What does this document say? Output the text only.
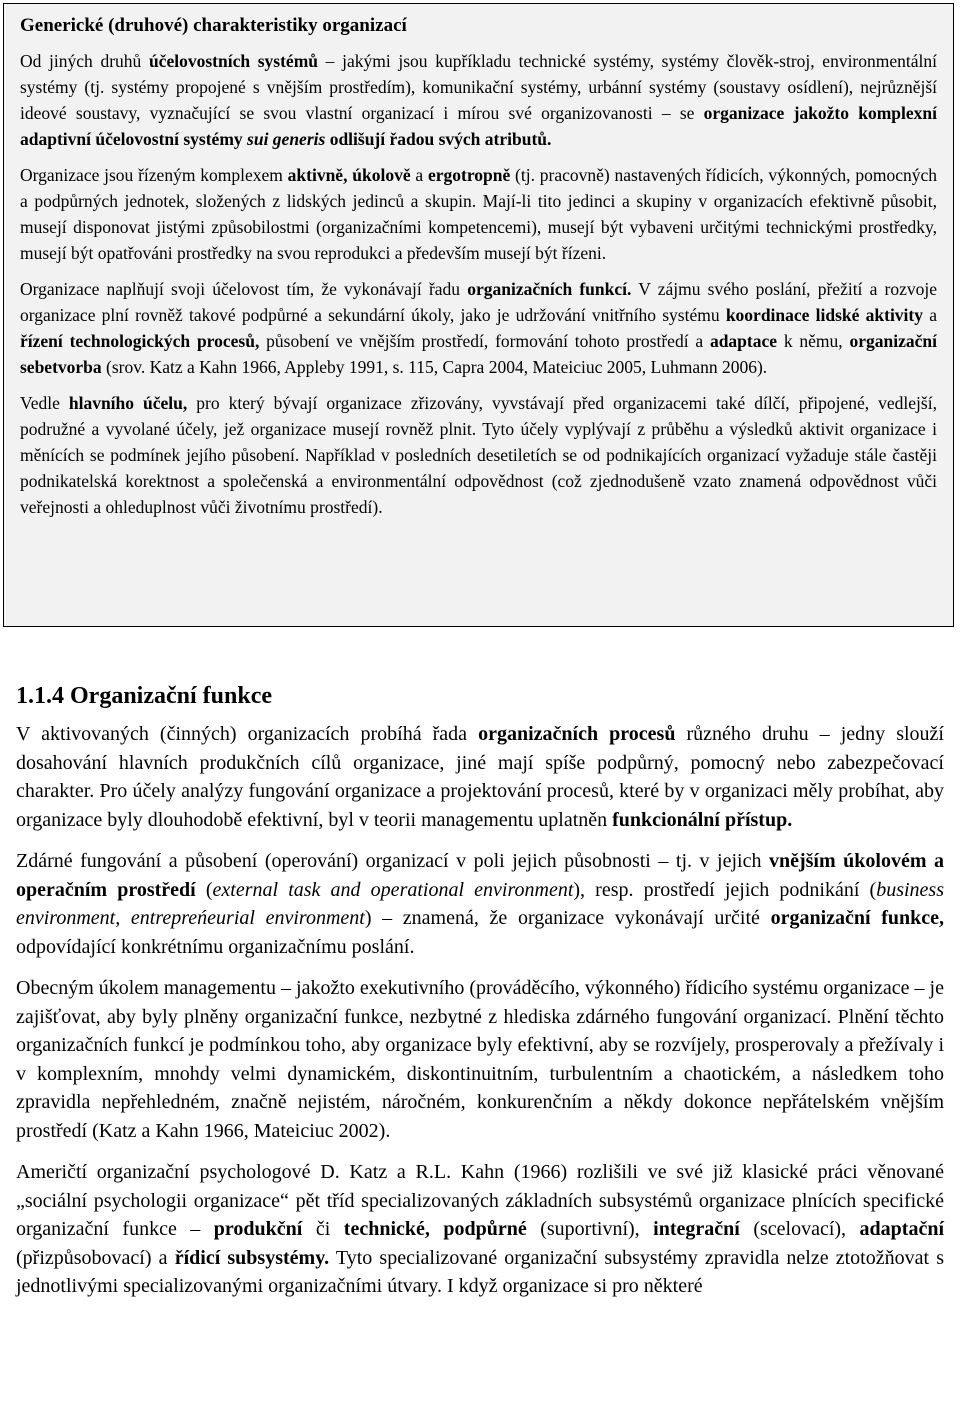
Generické (druhové) charakteristiky organizací

Od jiných druhů účelovostních systémů – jakými jsou kupříkladu technické systémy, systémy člověk-stroj, environmentální systémy (tj. systémy propojené s vnějším prostředím), komunikační systémy, urbánní systémy (soustavy osídlení), nejrůznější ideové soustavy, vyznačující se svou vlastní organizací i mírou své organizovanosti – se organizace jakožto komplexní adaptivní účelovostní systémy sui generis odlišují řadou svých atributů.

Organizace jsou řízeným komplexem aktivně, úkolově a ergotropně (tj. pracovně) nastavených řídicích, výkonných, pomocných a podpůrných jednotek, složených z lidských jedinců a skupin. Mají-li tito jedinci a skupiny v organizacích efektivně působit, musejí disponovat jistými způsobilostmi (organizačními kompetencemi), musejí být vybaveni určitými technickými prostředky, musejí být opatřováni prostředky na svou reprodukci a především musejí být řízeni.

Organizace naplňují svoji účelovost tím, že vykonávají řadu organizačních funkcí. V zájmu svého poslání, přežití a rozvoje organizace plní rovněž takové podpůrné a sekundární úkoly, jako je udržování vnitřního systému koordinace lidské aktivity a řízení technologických procesů, působení ve vnějším prostředí, formování tohoto prostředí a adaptace k němu, organizační sebetvorba (srov. Katz a Kahn 1966, Appleby 1991, s. 115, Capra 2004, Mateiciuc 2005, Luhmann 2006).

Vedle hlavního účelu, pro který bývají organizace zřizovány, vyvstávají před organizacemi také dílčí, připojené, vedlejší, podružné a vyvolané účely, jež organizace musejí rovněž plnit. Tyto účely vyplývají z průběhu a výsledků aktivit organizace i měnících se podmínek jejího působení. Například v posledních desetiletích se od podnikajících organizací vyžaduje stále častěji podnikatelská korektnost a společenská a environmentální odpovědnost (což zjednodušeně vzato znamená odpovědnost vůči veřejnosti a ohleduplnost vůči životnímu prostředí).

1.1.4 Organizační funkce

V aktivovaných (činných) organizacích probíhá řada organizačních procesů různého druhu – jedny slouží dosahování hlavních produkčních cílů organizace, jiné mají spíše podpůrný, pomocný nebo zabezpečovací charakter. Pro účely analýzy fungování organizace a projektování procesů, které by v organizaci měly probíhat, aby organizace byly dlouhodobě efektivní, byl v teorii managementu uplatněn funkcionální přístup.

Zdárné fungování a působení (operování) organizací v poli jejich působnosti – tj. v jejich vnějším úkolovém a operačním prostředí (external task and operational environment), resp. prostředí jejich podnikání (business environment, entrepreńeurial environment) – znamená, že organizace vykonávají určité organizační funkce, odpovídající konkrétnímu organizačnímu poslání.

Obecným úkolem managementu – jakožto exekutivního (prováděcího, výkonného) řídicího systému organizace – je zajišťovat, aby byly plněny organizační funkce, nezbytné z hlediska zdárného fungování organizací. Plnění těchto organizačních funkcí je podmínkou toho, aby organizace byly efektivní, aby se rozvíjely, prosperovaly a přežívaly i v komplexním, mnohdy velmi dynamickém, diskontinuitním, turbulentním a chaotickém, a následkem toho zpravidla nepřehledném, značně nejistém, náročném, konkurenčním a někdy dokonce nepřátelském vnějším prostředí (Katz a Kahn 1966, Mateiciuc 2002).

Američtí organizační psychologové D. Katz a R.L. Kahn (1966) rozlišili ve své již klasické práci věnované „sociální psychologii organizace“ pět tříd specializovaných základních subsystémů organizace plnících specifické organizační funkce – produkční či technické, podpůrné (suportivní), integrační (scelovací), adaptační (přizpůsobovací) a řídicí subsystémy. Tyto specializované organizační subsystémy zpravidla nelze ztotožňovat s jednotlivými specializovanými organizačními útvary. I když organizace si pro některé
